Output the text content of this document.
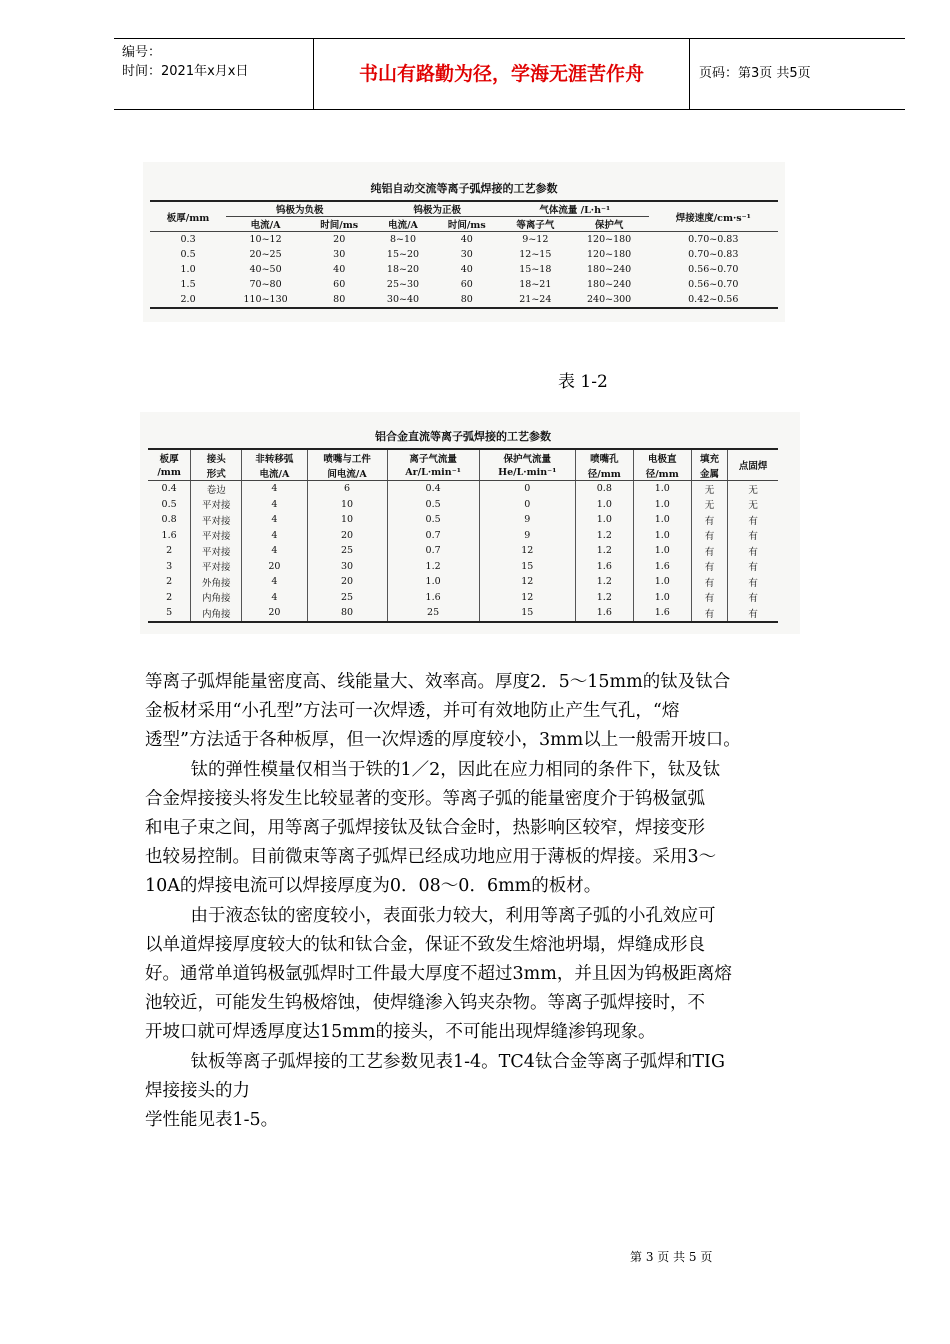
编号：
时间：2021年x月x日	书山有路勤为径，学海无涯苦作舟	页码：第3页 共5页
纯铝自动交流等离子弧焊接的工艺参数
板厚/mm	钨极为负极		钨极为正极		气体流量 /L·h⁻¹		焊接速度/cm·s⁻¹
	电流/A	时间/ms	电流/A	时间/ms	等离子气	保护气	
0.3	10~12	20	8~10	40	9~12	120~180	0.70~0.83
0.5	20~25	30	15~20	30	12~15	120~180	0.70~0.83
1.0	40~50	40	18~20	40	15~18	180~240	0.56~0.70
1.5	70~80	60	25~30	60	18~21	180~240	0.56~0.70
2.0	110~130	80	30~40	80	21~24	240~300	0.42~0.56
表 1-2
铝合金直流等离子弧焊接的工艺参数
板厚	接头	非转移弧	喷嘴与工件	离子气流量	保护气流量	喷嘴孔	电极直	填充	点固焊
/mm	形式	电流/A	间电流/A	Ar/L·min⁻¹	He/L·min⁻¹	径/mm	径/mm	金属	
0.4	卷边	4	6	0.4	0	0.8	1.0	无	无
0.5	平对接	4	10	0.5	0	1.0	1.0	无	无
0.8	平对接	4	10	0.5	9	1.0	1.0	有	有
1.6	平对接	4	20	0.7	9	1.2	1.0	有	有
2	平对接	4	25	0.7	12	1.2	1.0	有	有
3	平对接	20	30	1.2	15	1.6	1.6	有	有
2	外角接	4	20	1.0	12	1.2	1.0	有	有
2	内角接	4	25	1.6	12	1.2	1.0	有	有
5	内角接	20	80	25	15	1.6	1.6	有	有

等离子弧焊能量密度高、线能量大、效率高。厚度2．5～15mm的钛及钛合

金板材采用“小孔型”方法可一次焊透，并可有效地防止产生气孔，“熔

透型”方法适于各种板厚，但一次焊透的厚度较小，3mm以上一般需开坡口。

钛的弹性模量仅相当于铁的1／2，因此在应力相同的条件下，钛及钛

合金焊接接头将发生比较显著的变形。等离子弧的能量密度介于钨极氩弧

和电子束之间，用等离子弧焊接钛及钛合金时，热影响区较窄，焊接变形

也较易控制。目前微束等离子弧焊已经成功地应用于薄板的焊接。采用3～

10A的焊接电流可以焊接厚度为0．08～0．6mm的板材。

由于液态钛的密度较小，表面张力较大，利用等离子弧的小孔效应可

以单道焊接厚度较大的钛和钛合金，保证不致发生熔池坍塌，焊缝成形良

好。通常单道钨极氩弧焊时工件最大厚度不超过3mm，并且因为钨极距离熔

池较近，可能发生钨极熔蚀，使焊缝渗入钨夹杂物。等离子弧焊接时，不

开坡口就可焊透厚度达15mm的接头，不可能出现焊缝渗钨现象。

钛板等离子弧焊接的工艺参数见表1-4。TC4钛合金等离子弧焊和TIG

焊接接头的力

学性能见表1-5。

第 3 页 共 5 页
